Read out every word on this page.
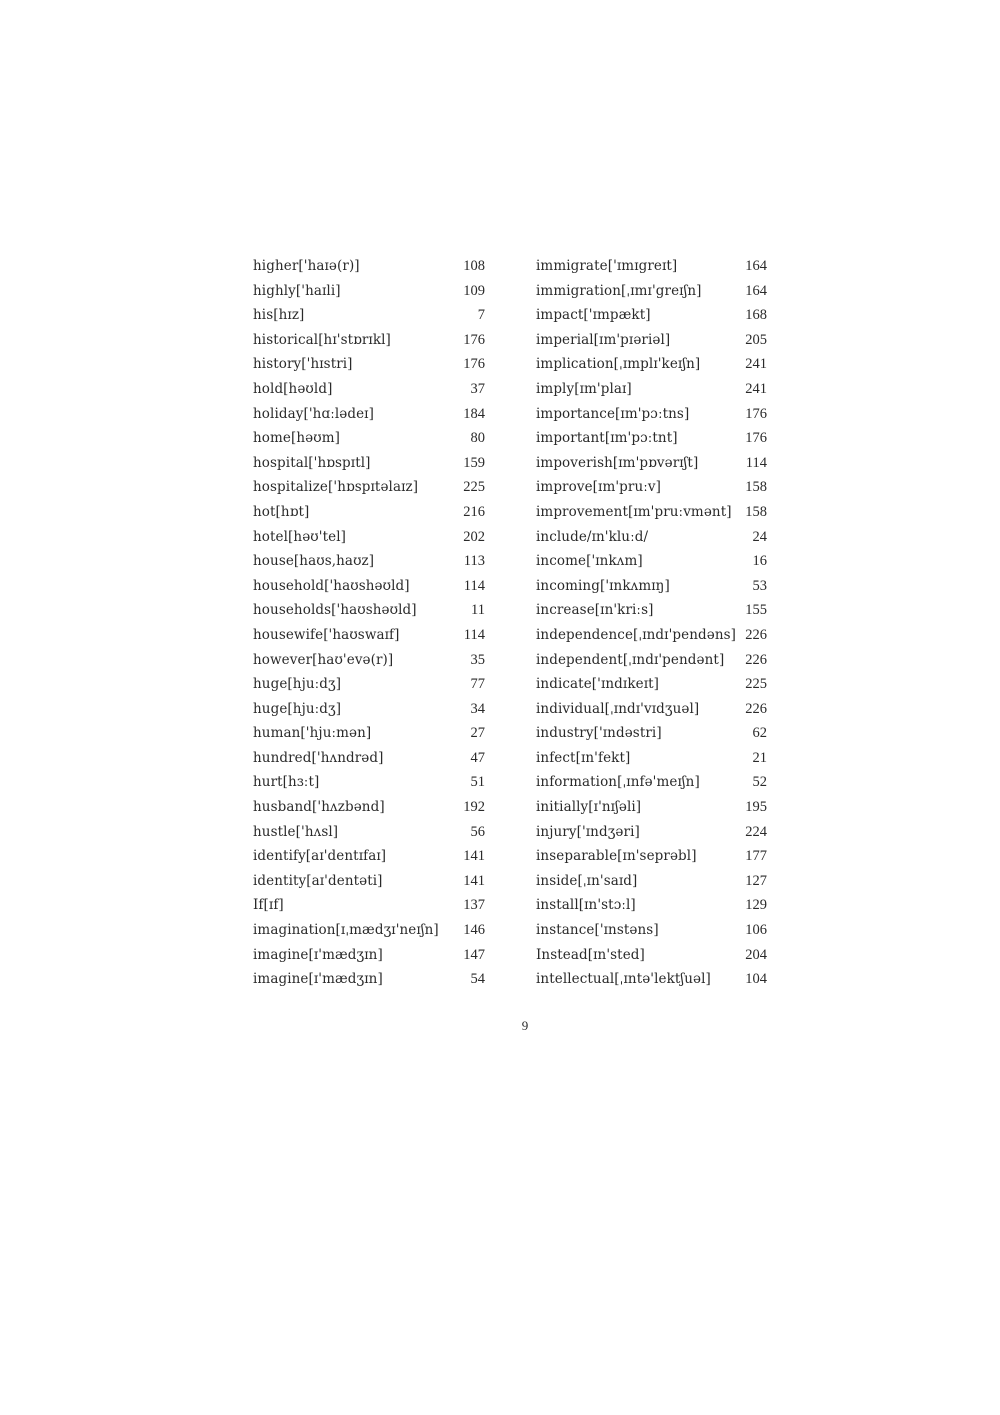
higher['haɪə(r)]	108
highly['haɪli]	109
his[hɪz]	7
historical[hɪ'stɒrɪkl]	176
history['hɪstri]	176
hold[həʊld]	37
holiday['hɑːlədeɪ]	184
home[həʊm]	80
hospital['hɒspɪtl]	159
hospitalize['hɒspɪtəlaɪz]	225
hot[hɒt]	216
hotel[həʊ'tel]	202
house[haʊs,haʊz]	113
household['haʊshəʊld]	114
households['haʊshəʊld]	11
housewife['haʊswaɪf]	114
however[haʊ'evə(r)]	35
huge[hjuːdʒ]	77
huge[hjuːdʒ]	34
human['hjuːmən]	27
hundred['hʌndrəd]	47
hurt[hɜːt]	51
husband['hʌzbənd]	192
hustle['hʌsl]	56
identify[aɪ'dentɪfaɪ]	141
identity[aɪ'dentəti]	141
If[ɪf]	137
imagination[ɪˌmædʒɪ'neɪʃn] 146
imagine[ɪ'mædʒɪn]	147
imagine[ɪ'mædʒɪn]	54
immigrate['ɪmɪgreɪt]	164
immigration[ˌɪmɪ'greɪʃn]	164
impact['ɪmpækt]	168
imperial[ɪm'pɪəriəl]	205
implication[ˌɪmplɪ'keɪʃn]	241
imply[ɪm'plaɪ]	241
importance[ɪm'pɔːtns]	176
important[ɪm'pɔːtnt]	176
impoverish[ɪm'pɒvərɪʃt]	114
improve[ɪm'pruːv]	158
improvement[ɪm'pruːvmənt] 158
include/ɪn'kluːd/	24
income['ɪnkʌm]	16
incoming['ɪnkʌmɪŋ]	53
increase[ɪn'kriːs]	155
independence[ˌɪndɪ'pendəns] 226
independent[ˌɪndɪ'pendənt] 226
indicate['ɪndɪkeɪt]	225
individual[ˌɪndɪ'vɪdʒuəl]	226
industry['ɪndəstri]	62
infect[ɪn'fekt]	21
information[ˌɪnfə'meɪʃn]	52
initially[ɪ'nɪʃəli]	195
injury['ɪndʒəri]	224
inseparable[ɪn'seprəbl]	177
inside[ˌɪn'saɪd]	127
install[ɪn'stɔːl]	129
instance['ɪnstəns]	106
Instead[ɪn'sted]	204
intellectual[ˌɪntə'lektʃuəl] 104
9
